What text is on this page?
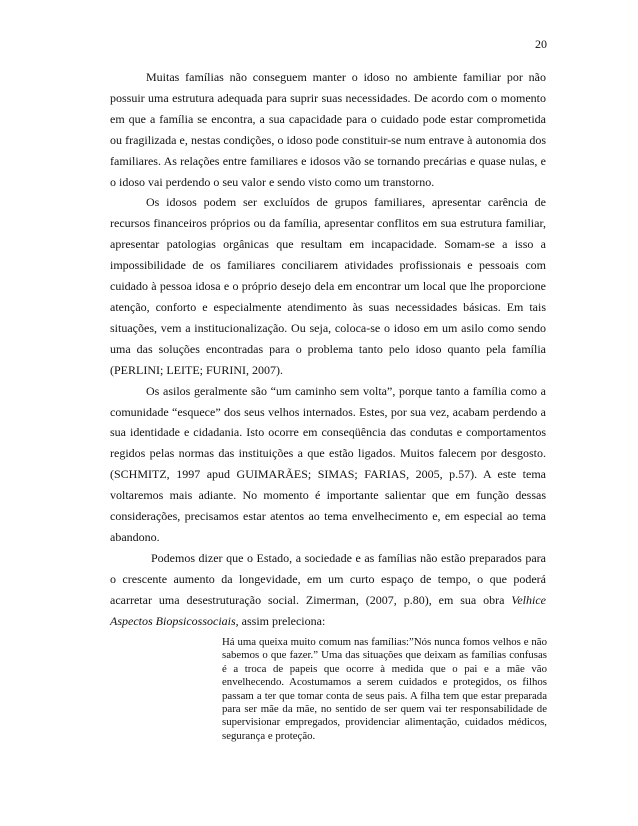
20

Muitas famílias não conseguem manter o idoso no ambiente familiar por não possuir uma estrutura adequada para suprir suas necessidades. De acordo com o momento em que a família se encontra, a sua capacidade para o cuidado pode estar comprometida ou fragilizada e, nestas condições, o idoso pode constituir-se num entrave à autonomia dos familiares. As relações entre familiares e idosos vão se tornando precárias e quase nulas, e o idoso vai perdendo o seu valor e sendo visto como um transtorno.

Os idosos podem ser excluídos de grupos familiares, apresentar carência de recursos financeiros próprios ou da família, apresentar conflitos em sua estrutura familiar, apresentar patologias orgânicas que resultam em incapacidade. Somam-se a isso a impossibilidade de os familiares conciliarem atividades profissionais e pessoais com cuidado à pessoa idosa e o próprio desejo dela em encontrar um local que lhe proporcione atenção, conforto e especialmente atendimento às suas necessidades básicas. Em tais situações, vem a institucionalização. Ou seja, coloca-se o idoso em um asilo como sendo uma das soluções encontradas para o problema tanto pelo idoso quanto pela família (PERLINI; LEITE; FURINI, 2007).

Os asilos geralmente são “um caminho sem volta”, porque tanto a família como a comunidade “esquece” dos seus velhos internados. Estes, por sua vez, acabam perdendo a sua identidade e cidadania. Isto ocorre em conseqüência das condutas e comportamentos regidos pelas normas das instituições a que estão ligados. Muitos falecem por desgosto. (SCHMITZ, 1997 apud GUIMARÃES; SIMAS; FARIAS, 2005, p.57). A este tema voltaremos mais adiante. No momento é importante salientar que em função dessas considerações, precisamos estar atentos ao tema envelhecimento e, em especial ao tema abandono.

Podemos dizer que o Estado, a sociedade e as famílias não estão preparados para o crescente aumento da longevidade, em um curto espaço de tempo, o que poderá acarretar uma desestruturação social. Zimerman, (2007, p.80), em sua obra Velhice Aspectos Biopsicossociais, assim preleciona:

Há uma queixa muito comum nas famílias:”Nós nunca fomos velhos e não sabemos o que fazer.” Uma das situações que deixam as famílias confusas é a troca de papeis que ocorre à medida que o pai e a mãe vão envelhecendo. Acostumamos a serem cuidados e protegidos, os filhos passam a ter que tomar conta de seus pais. A filha tem que estar preparada para ser mãe da mãe, no sentido de ser quem vai ter responsabilidade de supervisionar empregados, providenciar alimentação, cuidados médicos, segurança e proteção.
